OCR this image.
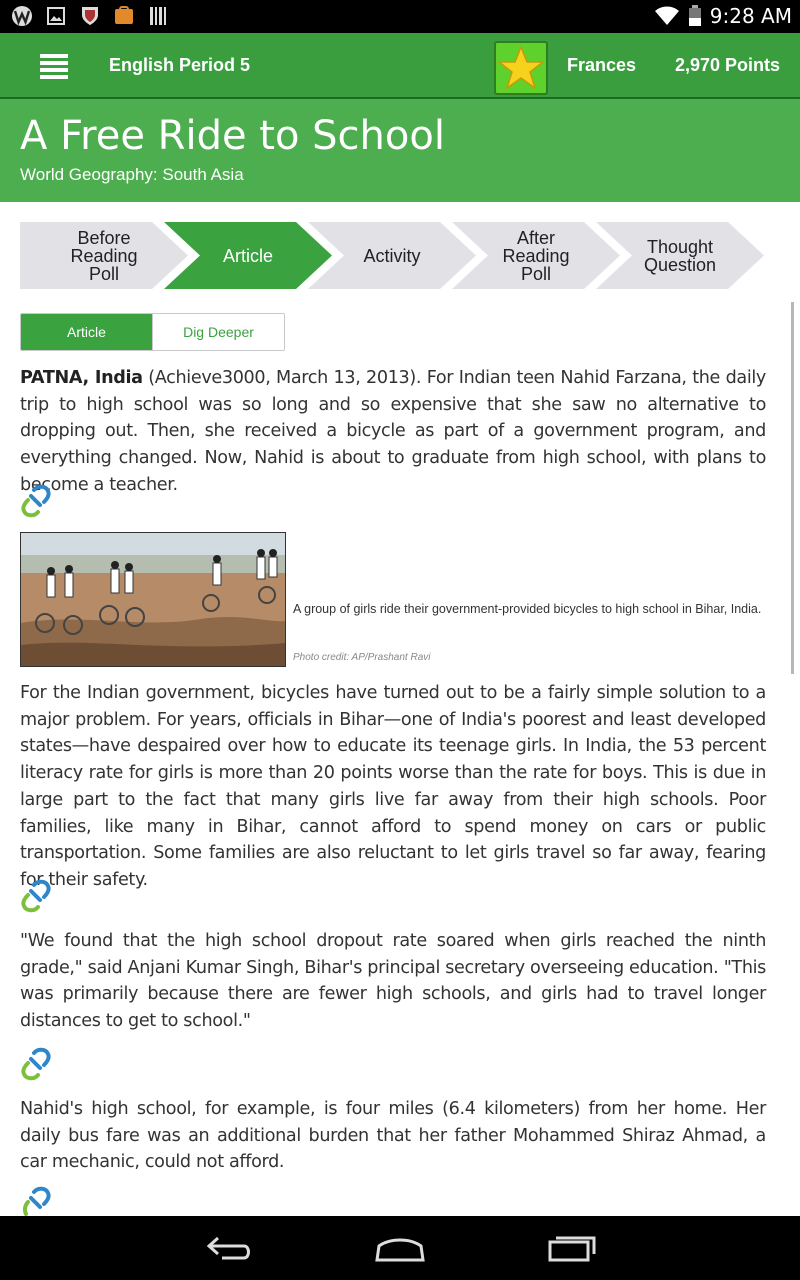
9:28 AM
English Period 5	Frances 2,970 Points
A Free Ride to School
World Geography: South Asia
Before
Reading
Poll
Article	Activity
After
Reading
Poll
Thought
Question
Article	Dig Deeper

PATNA, India (Achieve3000, March 13, 2013). For Indian teen Nahid Farzana, the daily trip to high school was so long and so expensive that she saw no alternative to dropping out. Then, she received a bicycle as part of a government program, and everything changed. Now, Nahid is about to graduate from high school, with plans to become a teacher.

A group of girls ride their government-provided bicycles to high school in Bihar, India.
Photo credit: AP/Prashant Ravi

For the Indian government, bicycles have turned out to be a fairly simple solution to a major problem. For years, officials in Bihar—one of India's poorest and least developed states—have despaired over how to educate its teenage girls. In India, the 53 percent literacy rate for girls is more than 20 points worse than the rate for boys. This is due in large part to the fact that many girls live far away from their high schools. Poor families, like many in Bihar, cannot afford to spend money on cars or public transportation. Some families are also reluctant to let girls travel so far away, fearing for their safety.

"We found that the high school dropout rate soared when girls reached the ninth grade," said Anjani Kumar Singh, Bihar's principal secretary overseeing education. "This was primarily because there are fewer high schools, and girls had to travel longer distances to get to school."

Nahid's high school, for example, is four miles (6.4 kilometers) from her home. Her daily bus fare was an additional burden that her father Mohammed Shiraz Ahmad, a car mechanic, could not afford.
